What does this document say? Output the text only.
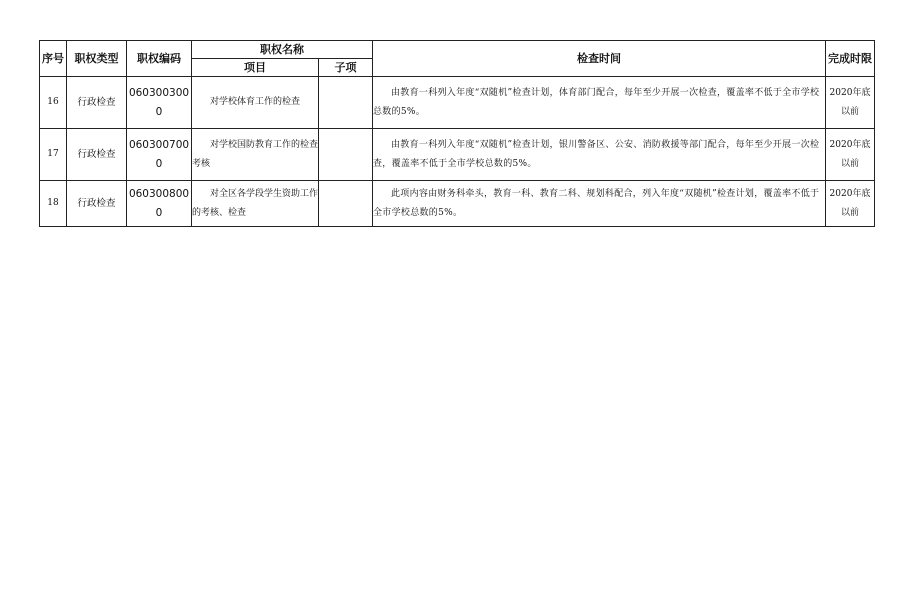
序号	职权类型	职权编码	职权名称		检查时间	完成时限
			项目	子项		
16	行政检查	0603003000	对学校体育工作的检查		由教育一科列入年度“双随机”检查计划，体育部门配合，每年至少开展一次检查，覆盖率不低于全市学校总数的5%。	2020年底以前
17	行政检查	0603007000	对学校国防教育工作的检查考核		由教育一科列入年度“双随机”检查计划，银川警备区、公安、消防救援等部门配合，每年至少开展一次检查，覆盖率不低于全市学校总数的5%。	2020年底以前
18	行政检查	0603008000	对全区各学段学生资助工作的考核、检查		此项内容由财务科牵头，教育一科、教育二科、规划科配合，列入年度“双随机”检查计划，覆盖率不低于全市学校总数的5%。	2020年底以前
